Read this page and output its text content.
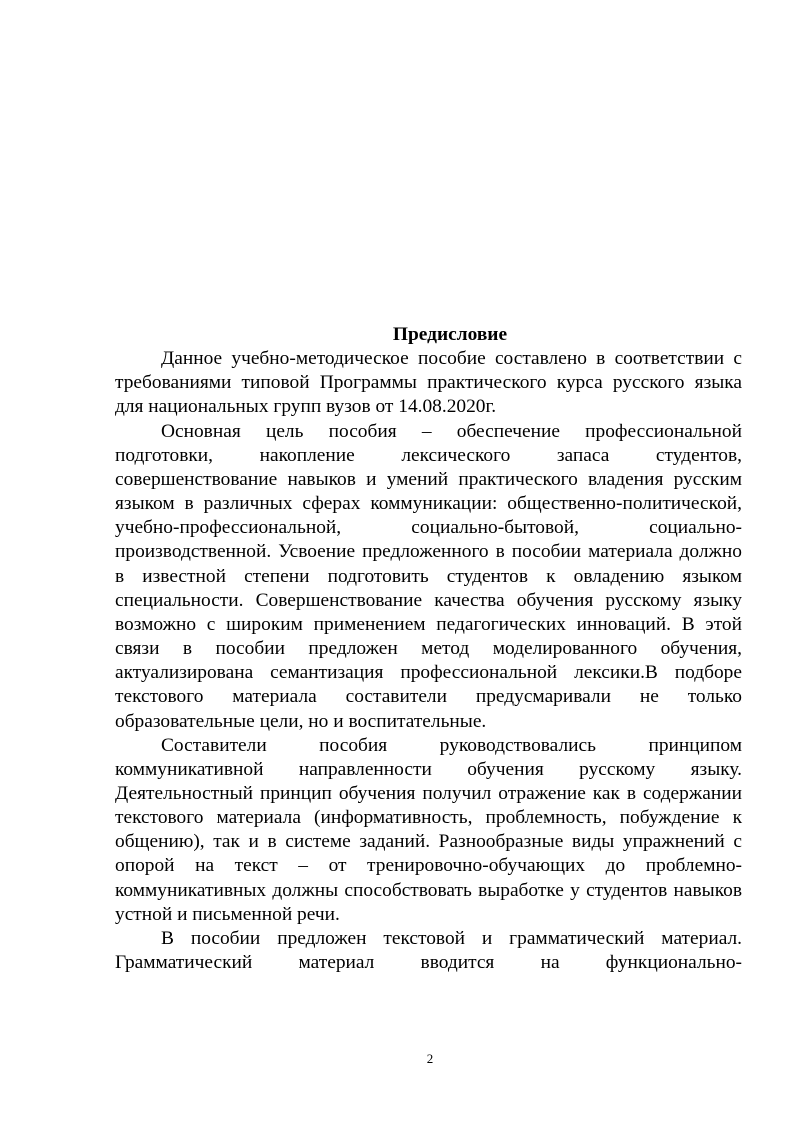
Предисловие

Данное учебно-методическое пособие составлено в соответствии с требованиями типовой Программы практического курса русского языка для национальных групп вузов от 14.08.2020г.

Основная цель пособия – обеспечение профессиональной подготовки, накопление лексического запаса студентов, совершенствование навыков и умений практического владения русским языком в различных сферах коммуникации: общественно-политической, учебно-профессиональной, социально-бытовой, социально-производственной. Усвоение предложенного в пособии материала должно в известной степени подготовить студентов к овладению языком специальности. Совершенствование качества обучения русскому языку возможно с широким применением педагогических инноваций. В этой связи в пособии предложен метод моделированного обучения, актуализирована семантизация профессиональной лексики.В подборе текстового материала составители предусмаривали не только образовательные цели, но и воспитательные.

Составители пособия руководствовались принципом коммуникативной направленности обучения русскому языку. Деятельностный принцип обучения получил отражение как в содержании текстового материала (информативность, проблемность, побуждение к общению), так и в системе заданий. Разнообразные виды упражнений с опорой на текст – от тренировочно-обучающих до проблемно-коммуникативных должны способствовать выработке у студентов навыков устной и письменной речи.

В пособии предложен текстовой и грамматический материал. Грамматический материал вводится на функционально-

2
